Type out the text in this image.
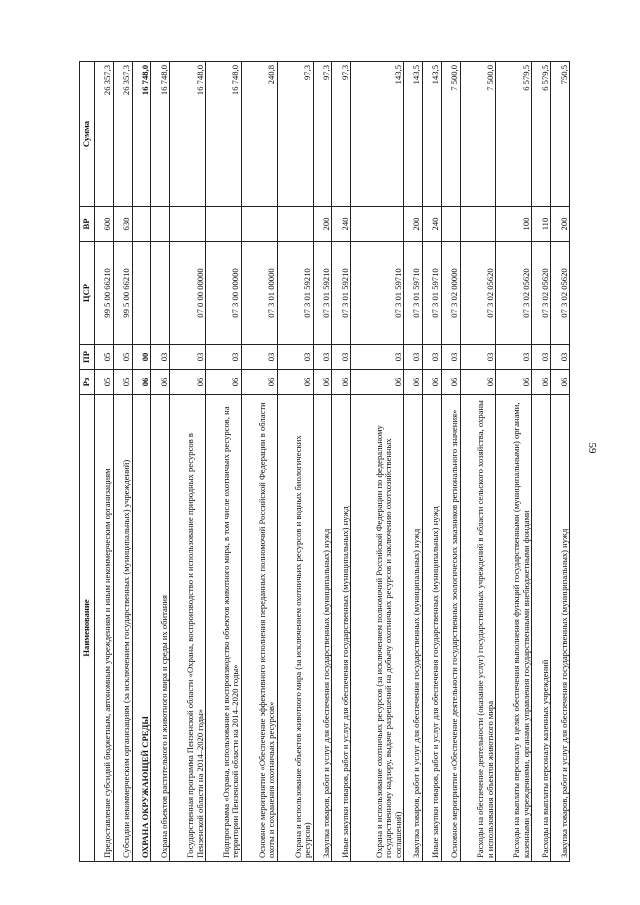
59
Наименование	Рз	ПР	ЦСР	ВР	Сумма
Предоставление субсидий бюджетным, автономным учреждениям и иным некоммерческим организациям	05	05	99 5 00 66210	600	26 357,3
Субсидии некоммерческим организациям (за исключением государственных (муниципальных) учреждений)	05	05	99 5 00 66210	630	26 357,3
ОХРАНА ОКРУЖАЮЩЕЙ СРЕДЫ	06	00			16 748,0
Охрана объектов растительного и животного мира и среды их обитания	06	03			16 748,0
Государственная программа Пензенской области «Охрана, воспроизводство и использование природных ресурсов в Пензенской области на 2014–2020 годы»	06	03	07 0 00 00000		16 748,0
Подпрограмма «Охрана, использование и воспроизводство объектов животного мира, в том числе охотничьих ресурсов, на территории Пензенской области на 2014–2020 годы»	06	03	07 3 00 00000		16 748,0
Основное мероприятие «Обеспечение эффективного исполнения переданных полномочий Российской Федерации в области охоты и сохранения охотничьих ресурсов»	06	03	07 3 01 00000		240,8
Охрана и использование объектов животного мира (за исключением охотничьих ресурсов и водных биологических ресурсов)	06	03	07 3 01 59210		97,3
Закупка товаров, работ и услуг для обеспечения государственных (муниципальных) нужд	06	03	07 3 01 59210	200	97,3
Иные закупки товаров, работ и услуг для обеспечения государственных (муниципальных) нужд	06	03	07 3 01 59210	240	97,3
Охрана и использование охотничьих ресурсов (за исключением полномочий Российской Федерации по федеральному государственному надзору, выдаче разрешений на добычу охотничьих ресурсов и заключению охотхозяйственных соглашений)	06	03	07 3 01 59710		143,5
Закупка товаров, работ и услуг для обеспечения государственных (муниципальных) нужд	06	03	07 3 01 59710	200	143,5
Иные закупки товаров, работ и услуг для обеспечения государственных (муниципальных) нужд	06	03	07 3 01 59710	240	143,5
Основное мероприятие «Обеспечение деятельности государственных зоологических заказников регионального значения»	06	03	07 3 02 00000		7 500,0
Расходы на обеспечение деятельности (оказание услуг) государственных учреждений в области сельского хозяйства, охраны и использования объектов животного мира	06	03	07 3 02 05620		7 500,0
Расходы на выплаты персоналу в целях обеспечения выполнения функций государственными (муниципальными) органами, казенными учреждениями, органами управления государственными внебюджетными фондами	06	03	07 3 02 05620	100	6 579,5
Расходы на выплаты персоналу казенных учреждений	06	03	07 3 02 05620	110	6 579,5
Закупка товаров, работ и услуг для обеспечения государственных (муниципальных) нужд	06	03	07 3 02 05620	200	750,5
